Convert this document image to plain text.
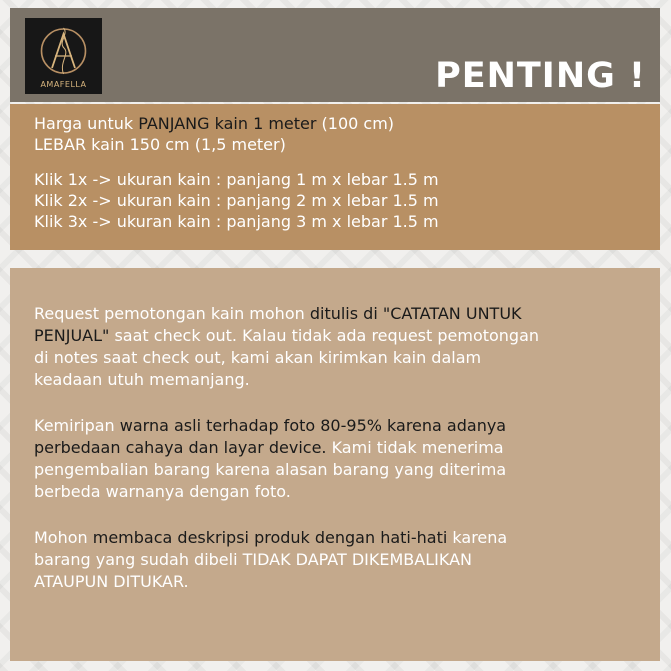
AMAFELLA	PENTING !
Harga untuk PANJANG kain 1 meter (100 cm)
LEBAR kain 150 cm (1,5 meter)
Klik 1x -> ukuran kain : panjang 1 m x lebar 1.5 m
Klik 2x -> ukuran kain : panjang 2 m x lebar 1.5 m
Klik 3x -> ukuran kain : panjang 3 m x lebar 1.5 m
Request pemotongan kain mohon ditulis di "CATATAN UNTUK
PENJUAL" saat check out. Kalau tidak ada request pemotongan
di notes saat check out, kami akan kirimkan kain dalam
keadaan utuh memanjang.
Kemiripan warna asli terhadap foto 80-95% karena adanya
perbedaan cahaya dan layar device. Kami tidak menerima
pengembalian barang karena alasan barang yang diterima
berbeda warnanya dengan foto.
Mohon membaca deskripsi produk dengan hati-hati karena
barang yang sudah dibeli TIDAK DAPAT DIKEMBALIKAN
ATAUPUN DITUKAR.
